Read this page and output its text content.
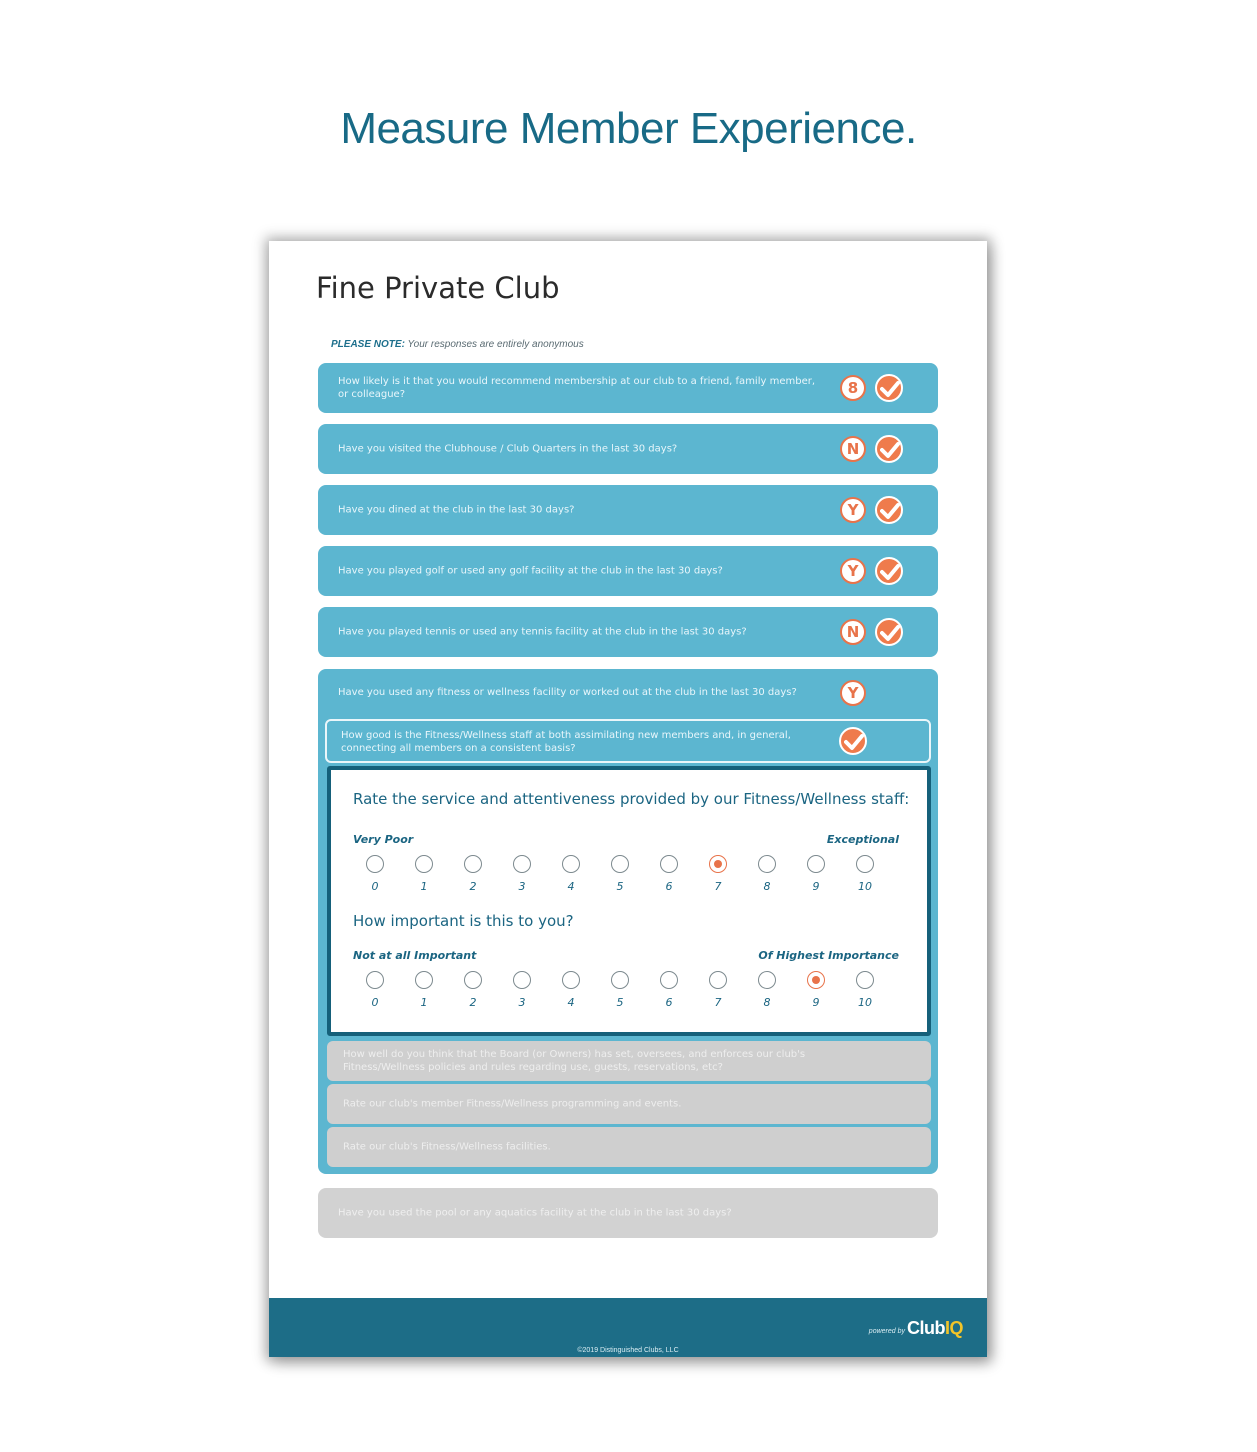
Measure Member Experience.
Fine Private Club
PLEASE NOTE: Your responses are entirely anonymous
How likely is it that you would recommend membership at our club to a friend, family member, or colleague?	8
Have you visited the Clubhouse / Club Quarters in the last 30 days?	N
Have you dined at the club in the last 30 days?	Y
Have you played golf or used any golf facility at the club in the last 30 days?	Y
Have you played tennis or used any tennis facility at the club in the last 30 days?	N
Have you used any fitness or wellness facility or worked out at the club in the last 30 days?	Y
How good is the Fitness/Wellness staff at both assimilating new members and, in general, connecting all members on a consistent basis?
Rate the service and attentiveness provided by our Fitness/Wellness staff:
Very Poor	Exceptional
0	1	2	3	4	5	6	7	8	9	10
How important is this to you?
Not at all Important	Of Highest Importance
0	1	2	3	4	5	6	7	8	9	10
How well do you think that the Board (or Owners) has set, oversees, and enforces our club's Fitness/Wellness policies and rules regarding use, guests, reservations, etc?
Rate our club's member Fitness/Wellness programming and events.
Rate our club's Fitness/Wellness facilities.
Have you used the pool or any aquatics facility at the club in the last 30 days?
powered by ClubIQ
©2019 Distinguished Clubs, LLC
